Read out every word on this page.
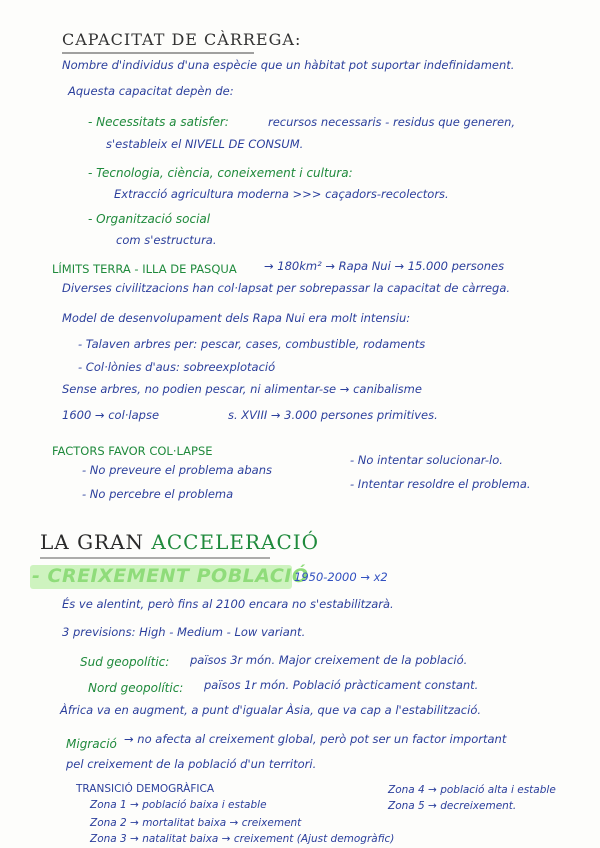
CAPACITAT DE CÀRREGA:
Nombre d'individus d'una espècie que un hàbitat pot suportar indefinidament.
Aquesta capacitat depèn de:
- Necessitats a satisfer:	recursos necessaris - residus que generen,
s'estableix el NIVELL DE CONSUM.
- Tecnologia, ciència, coneixement i cultura:
Extracció agricultura moderna >>> caçadors-recolectors.
- Organització social
com s'estructura.
LÍMITS TERRA - ILLA DE PASQUA → 180km² → Rapa Nui → 15.000 persones
Diverses civilitzacions han col·lapsat per sobrepassar la capacitat de càrrega.
Model de desenvolupament dels Rapa Nui era molt intensiu:
- Talaven arbres per: pescar, cases, combustible, rodaments
- Col·lònies d'aus: sobreexplotació
Sense arbres, no podien pescar, ni alimentar-se → canibalisme
1600 → col·lapse	s. XVIII → 3.000 persones primitives.
FACTORS FAVOR COL·LAPSE
- No preveure el problema abans
- No percebre el problema
- No intentar solucionar-lo.
- Intentar resoldre el problema.
LA GRAN ACCELERACIÓ
- CREIXEMENT POBLACIÓ
1950-2000 → x2
És ve alentint, però fins al 2100 encara no s'estabilitzarà.
3 previsions: High - Medium - Low variant.
Sud geopolític: països 3r món. Major creixement de la població.
Nord geopolític: països 1r món. Població pràcticament constant.
Àfrica va en augment, a punt d'igualar Àsia, que va cap a l'estabilització.
Migració → no afecta al creixement global, però pot ser un factor important
pel creixement de la població d'un territori.
TRANSICIÓ DEMOGRÀFICA
Zona 1 → població baixa i estable
Zona 2 → mortalitat baixa → creixement
Zona 3 → natalitat baixa → creixement (Ajust demogràfic)
Zona 4 → població alta i estable
Zona 5 → decreixement.
